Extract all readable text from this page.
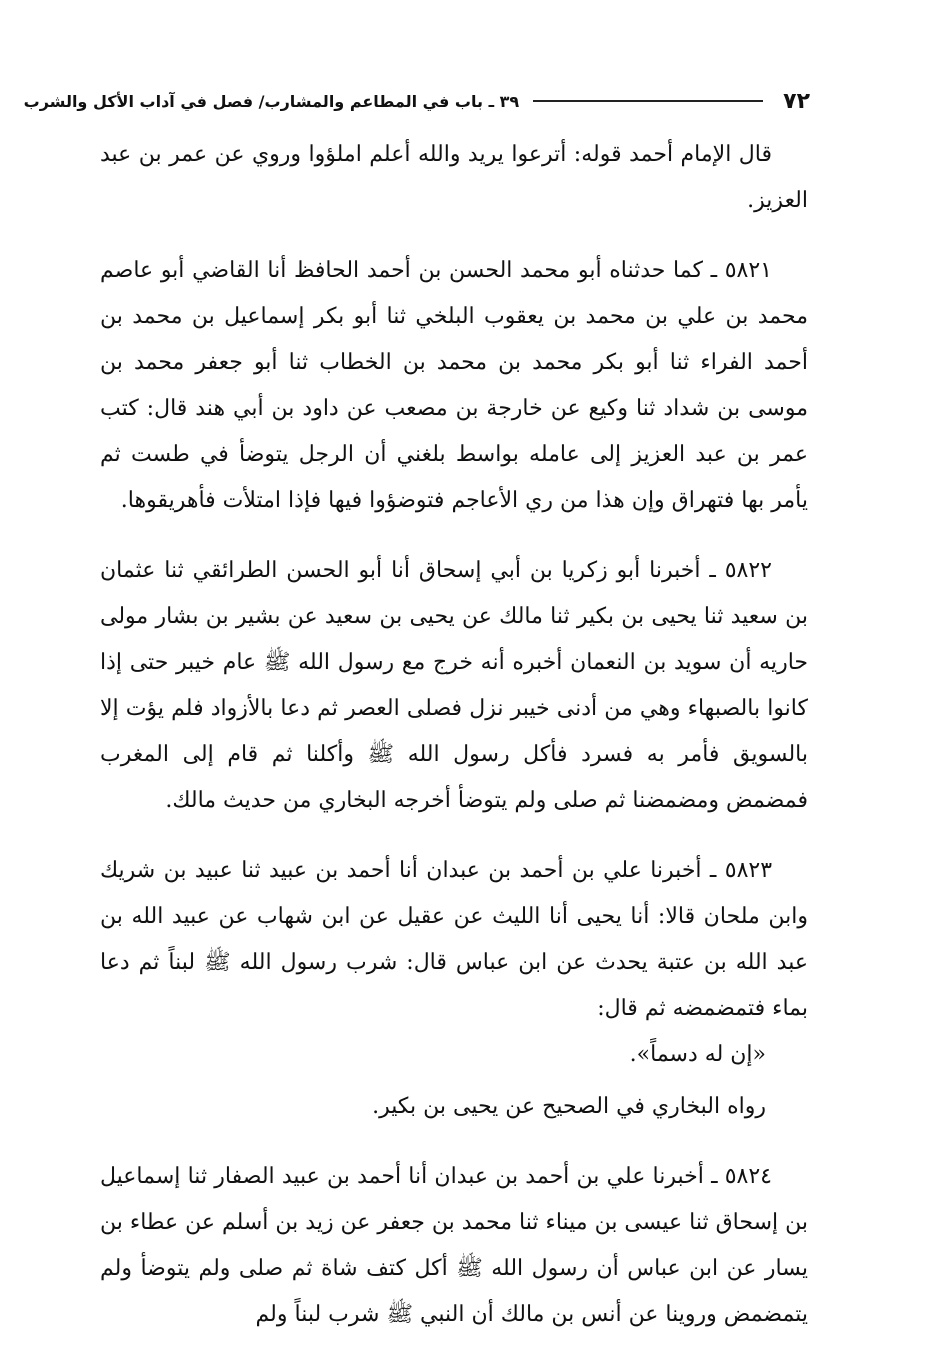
٧٢
٣٩ ـ باب في المطاعم والمشارب/ فصل في آداب الأكل والشرب

قال الإمام أحمد قوله: أترعوا يريد والله أعلم املؤوا وروي عن عمر بن عبد العزيز.

٥٨٢١ ـ كما حدثناه أبو محمد الحسن بن أحمد الحافظ أنا القاضي أبو عاصم محمد بن علي بن محمد بن يعقوب البلخي ثنا أبو بكر إسماعيل بن محمد بن أحمد الفراء ثنا أبو بكر محمد بن محمد بن الخطاب ثنا أبو جعفر محمد بن موسى بن شداد ثنا وكيع عن خارجة بن مصعب عن داود بن أبي هند قال: كتب عمر بن عبد العزيز إلى عامله بواسط بلغني أن الرجل يتوضأ في طست ثم يأمر بها فتهراق وإن هذا من ري الأعاجم فتوضؤوا فيها فإذا امتلأت فأهريقوها.

٥٨٢٢ ـ أخبرنا أبو زكريا بن أبي إسحاق أنا أبو الحسن الطرائقي ثنا عثمان بن سعيد ثنا يحيى بن بكير ثنا مالك عن يحيى بن سعيد عن بشير بن بشار مولى حاريه أن سويد بن النعمان أخبره أنه خرج مع رسول الله ﷺ عام خيبر حتى إذا كانوا بالصبهاء وهي من أدنى خيبر نزل فصلى العصر ثم دعا بالأزواد فلم يؤت إلا بالسويق فأمر به فسرد فأكل رسول الله ﷺ وأكلنا ثم قام إلى المغرب فمضمض ومضمضنا ثم صلى ولم يتوضأ أخرجه البخاري من حديث مالك.

٥٨٢٣ ـ أخبرنا علي بن أحمد بن عبدان أنا أحمد بن عبيد ثنا عبيد بن شريك وابن ملحان قالا: أنا يحيى أنا الليث عن عقيل عن ابن شهاب عن عبيد الله بن عبد الله بن عتبة يحدث عن ابن عباس قال: شرب رسول الله ﷺ لبناً ثم دعا بماء فتمضمضه ثم قال:

«إن له دسماً».

رواه البخاري في الصحيح عن يحيى بن بكير.

٥٨٢٤ ـ أخبرنا علي بن أحمد بن عبدان أنا أحمد بن عبيد الصفار ثنا إسماعيل بن إسحاق ثنا عيسى بن ميناء ثنا محمد بن جعفر عن زيد بن أسلم عن عطاء بن يسار عن ابن عباس أن رسول الله ﷺ أكل كتف شاة ثم صلى ولم يتوضأ ولم يتمضمض وروينا عن أنس بن مالك أن النبي ﷺ شرب لبناً ولم
